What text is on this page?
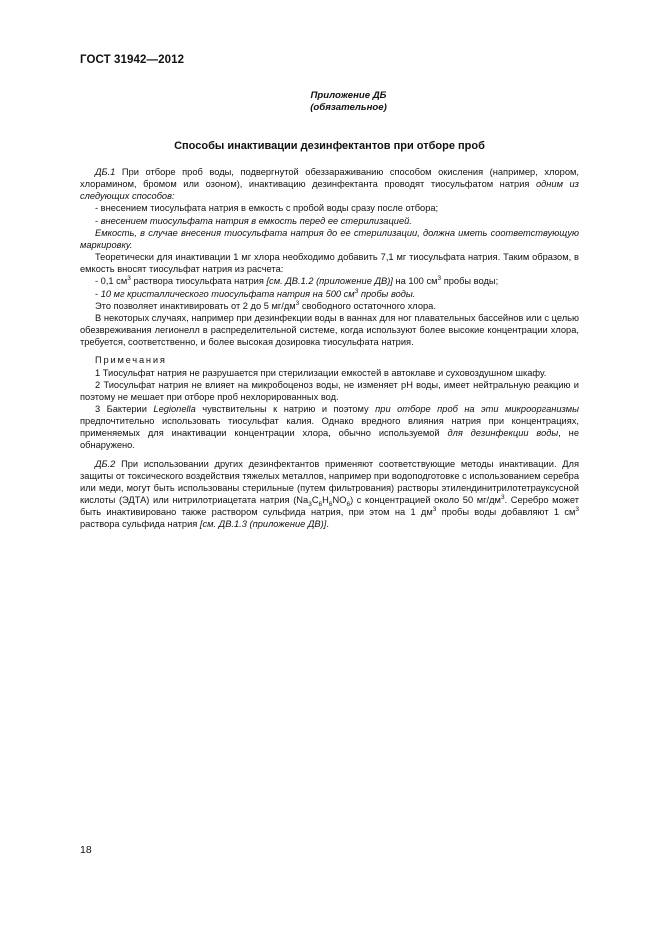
ГОСТ 31942—2012
Приложение ДБ
(обязательное)
Способы инактивации дезинфектантов при отборе проб

ДБ.1 При отборе проб воды, подвергнутой обеззараживанию способом окисления (например, хлором, хлорамином, бромом или озоном), инактивацию дезинфектанта проводят тиосульфатом натрия одним из следующих способов:

- внесением тиосульфата натрия в емкость с пробой воды сразу после отбора;

- внесением тиосульфата натрия в емкость перед ее стерилизацией.

Емкость, в случае внесения тиосульфата натрия до ее стерилизации, должна иметь соответствующую маркировку.

Теоретически для инактивации 1 мг хлора необходимо добавить 7,1 мг тиосульфата натрия. Таким образом, в емкость вносят тиосульфат натрия из расчета:

- 0,1 $см^3$ раствора тиосульфата натрия [см. ДВ.1.2 (приложение ДВ)] на 100 $см^3$ пробы воды;

- 10 мг кристаллического тиосульфата натрия на 500 $см^3$ пробы воды.

Это позволяет инактивировать от 2 до 5 $мг/дм^3$ свободного остаточного хлора.

В некоторых случаях, например при дезинфекции воды в ваннах для ног плавательных бассейнов или с целью обезвреживания легионелл в распределительной системе, когда используют более высокие концентрации хлора, требуется, соответственно, и более высокая дозировка тиосульфата натрия.

Примечания

1 Тиосульфат натрия не разрушается при стерилизации емкостей в автоклаве и суховоздушном шкафу.

2 Тиосульфат натрия не влияет на микробоценоз воды, не изменяет pH воды, имеет нейтральную реакцию и поэтому не мешает при отборе проб нехлорированных вод.

3 Бактерии Legionella чувствительны к натрию и поэтому при отборе проб на эти микроорганизмы предпочтительно использовать тиосульфат калия. Однако вредного влияния натрия при концентрациях, применяемых для инактивации концентрации хлора, обычно используемой для дезинфекции воды, не обнаружено.

ДБ.2 При использовании других дезинфектантов применяют соответствующие методы инактивации. Для защиты от токсического воздействия тяжелых металлов, например при водоподготовке с использованием серебра или меди, могут быть использованы стерильные (путем фильтрования) растворы этилендинитрилотетрауксусной кислоты (ЭДТА) или нитрилотриацетата натрия $(Na_3C_6H_6NO_6)$ с концентрацией около 50 $мг/дм^3$. Серебро может быть инактивировано также раствором сульфида натрия, при этом на 1 $дм^3$ пробы воды добавляют 1 $см^3$ раствора сульфида натрия [см. ДВ.1.3 (приложение ДВ)].

18
